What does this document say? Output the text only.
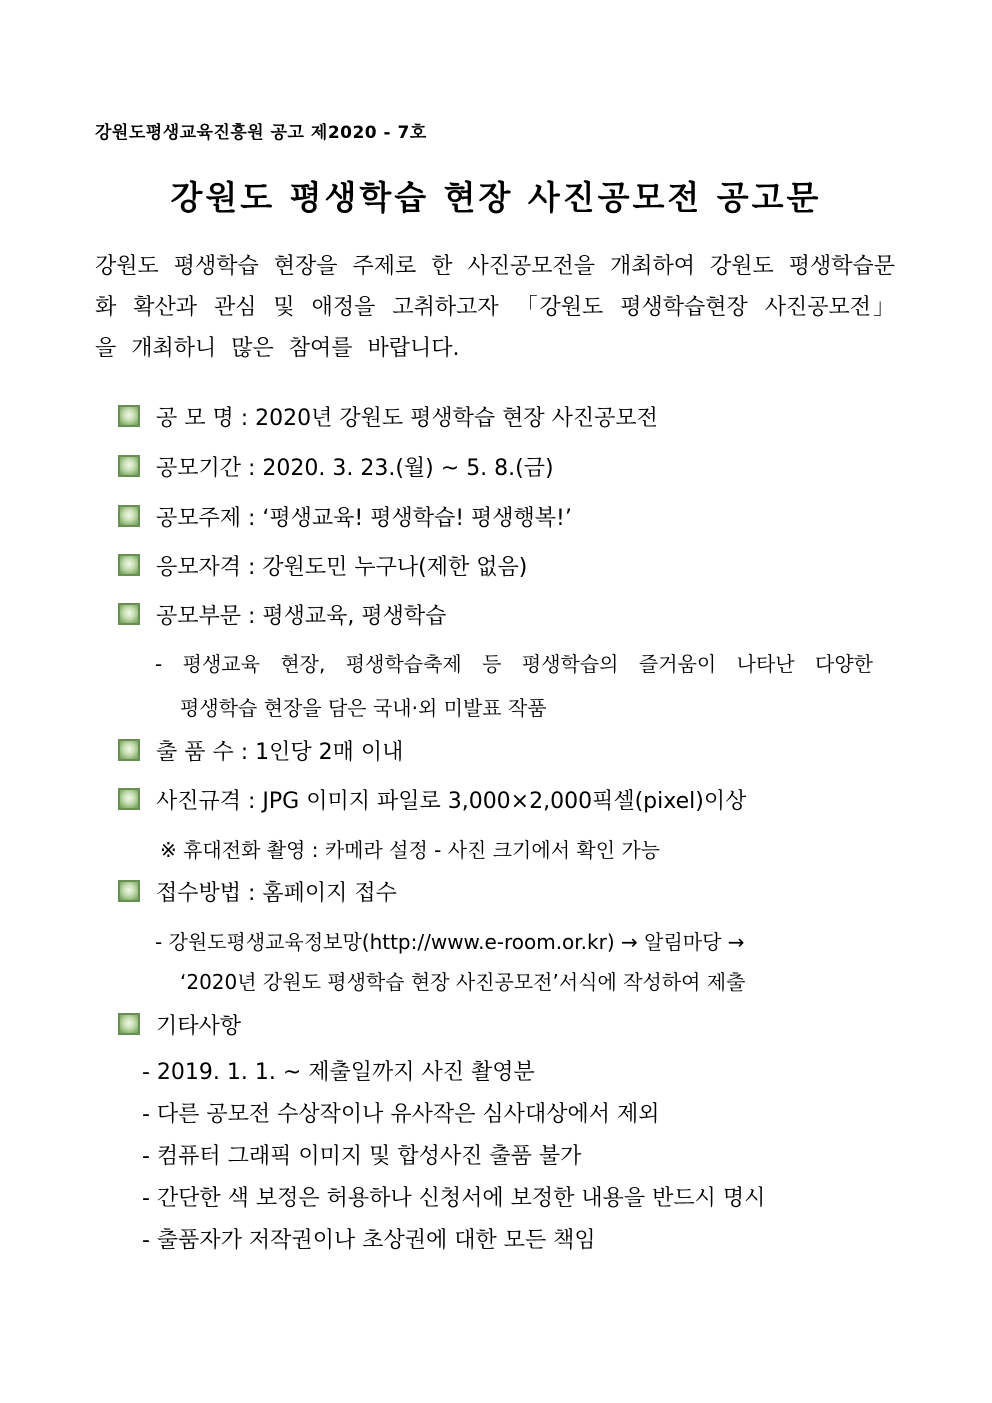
강원도평생교육진흥원 공고 제2020 - 7호
강원도 평생학습 현장 사진공모전 공고문
강원도 평생학습 현장을 주제로 한 사진공모전을 개최하여 강원도 평생학습문화 확산과 관심 및 애정을 고취하고자 「강원도 평생학습현장 사진공모전」을 개최하니 많은 참여를 바랍니다.
공 모 명 : 2020년 강원도 평생학습 현장 사진공모전
공모기간 : 2020. 3. 23.(월) ~ 5. 8.(금)
공모주제 : ‘평생교육! 평생학습! 평생행복!’
응모자격 : 강원도민 누구나(제한 없음)
공모부문 : 평생교육, 평생학습
- 평생교육 현장, 평생학습축제 등 평생학습의 즐거움이 나타난 다양한
평생학습 현장을 담은 국내·외 미발표 작품
출 품 수 : 1인당 2매 이내
사진규격 : JPG 이미지 파일로 3,000×2,000픽셀(pixel)이상
※ 휴대전화 촬영 : 카메라 설정 - 사진 크기에서 확인 가능
접수방법 : 홈페이지 접수
- 강원도평생교육정보망(http://www.e-room.or.kr) → 알림마당 →
‘2020년 강원도 평생학습 현장 사진공모전’서식에 작성하여 제출
기타사항
- 2019. 1. 1. ~ 제출일까지 사진 촬영분
- 다른 공모전 수상작이나 유사작은 심사대상에서 제외
- 컴퓨터 그래픽 이미지 및 합성사진 출품 불가
- 간단한 색 보정은 허용하나 신청서에 보정한 내용을 반드시 명시
- 출품자가 저작권이나 초상권에 대한 모든 책임
